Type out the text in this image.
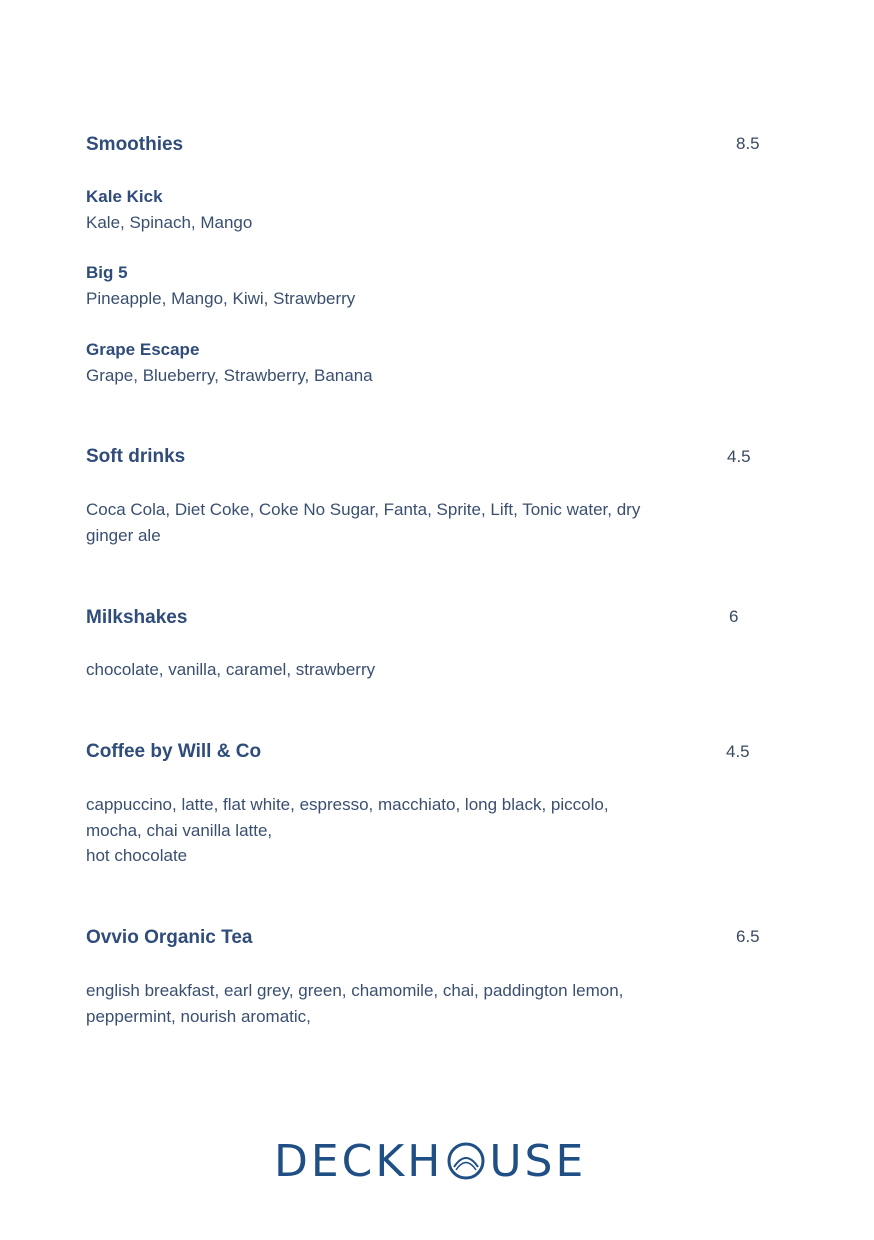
Smoothies	8.5
Kale Kick
Kale, Spinach, Mango
Big 5
Pineapple, Mango, Kiwi, Strawberry
Grape Escape
Grape, Blueberry, Strawberry, Banana
Soft drinks	4.5
Coca Cola, Diet Coke, Coke No Sugar, Fanta, Sprite, Lift, Tonic water, dry
ginger ale
Milkshakes	6
chocolate, vanilla, caramel, strawberry
Coffee by Will & Co	4.5
cappuccino, latte, flat white, espresso, macchiato, long black, piccolo,
mocha, chai vanilla latte,
hot chocolate
Ovvio Organic Tea	6.5
english breakfast, earl grey, green, chamomile, chai, paddington lemon,
peppermint, nourish aromatic,
DECKH USE
